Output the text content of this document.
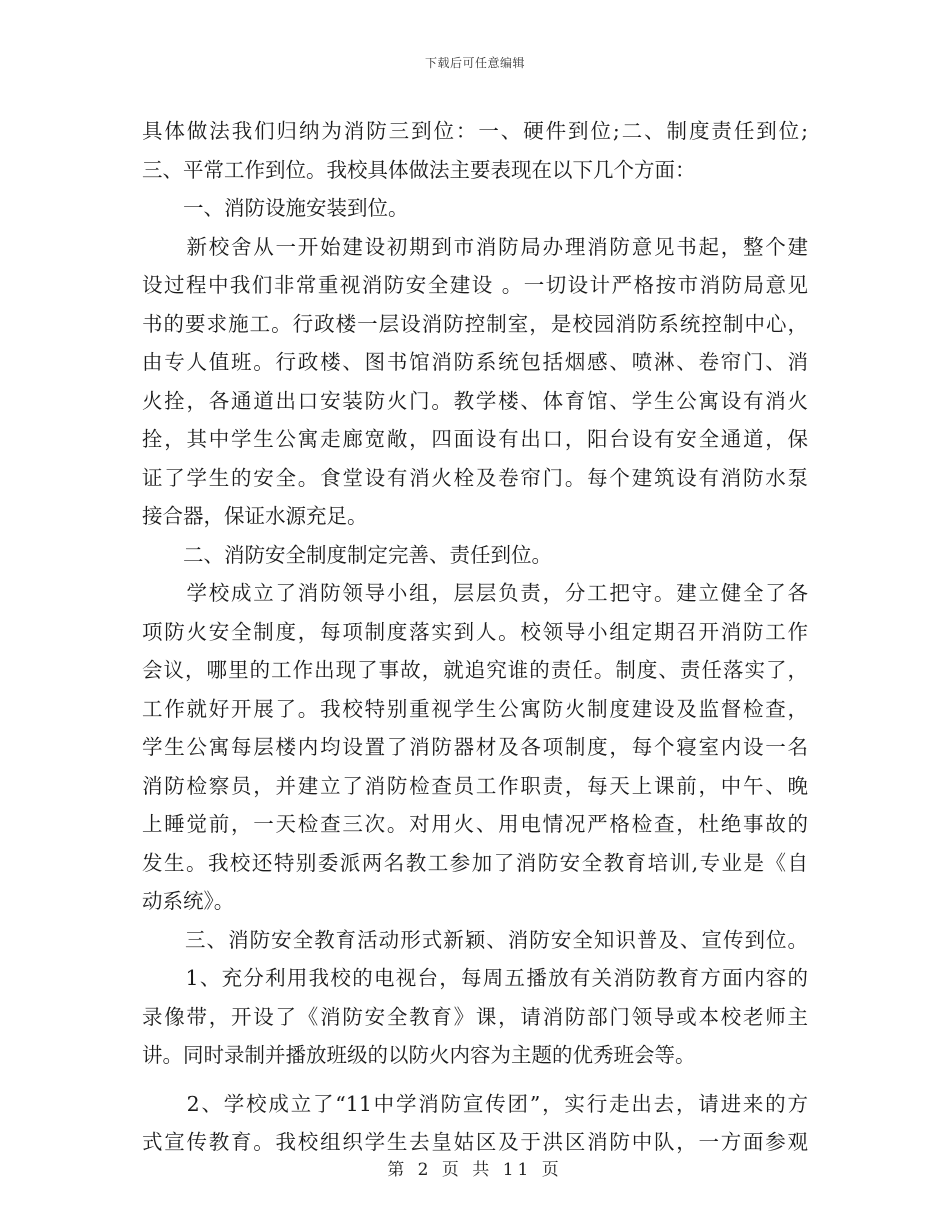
下载后可任意编辑
具体做法我们归纳为消防三到位：一、硬件到位;二、制度责任到位;
三、平常工作到位。我校具体做法主要表现在以下几个方面：
　　一、消防设施安装到位。
　　新校舍从一开始建设初期到市消防局办理消防意见书起，整个建
设过程中我们非常重视消防安全建设 。一切设计严格按市消防局意见
书的要求施工。行政楼一层设消防控制室，是校园消防系统控制中心，
由专人值班。行政楼、图书馆消防系统包括烟感、喷淋、卷帘门、消
火拴，各通道出口安装防火门。教学楼、体育馆、学生公寓设有消火
拴，其中学生公寓走廊宽敞，四面设有出口，阳台设有安全通道，保
证了学生的安全。食堂设有消火栓及卷帘门。每个建筑设有消防水泵
接合器，保证水源充足。
　　二、消防安全制度制定完善、责任到位。
　　学校成立了消防领导小组，层层负责，分工把守。建立健全了各
项防火安全制度，每项制度落实到人。校领导小组定期召开消防工作
会议，哪里的工作出现了事故，就追究谁的责任。制度、责任落实了，
工作就好开展了。我校特别重视学生公寓防火制度建设及监督检查，
学生公寓每层楼内均设置了消防器材及各项制度，每个寝室内设一名
消防检察员，并建立了消防检查员工作职责，每天上课前，中午、晚
上睡觉前，一天检查三次。对用火、用电情况严格检查，杜绝事故的
发生。我校还特别委派两名教工参加了消防安全教育培训,专业是《自
动系统》。
　　三、消防安全教育活动形式新颖、消防安全知识普及、宣传到位。
　　1、充分利用我校的电视台，每周五播放有关消防教育方面内容的
录像带，开设了《消防安全教育》课，请消防部门领导或本校老师主
讲。同时录制并播放班级的以防火内容为主题的优秀班会等。
　　2、学校成立了“11中学消防宣传团”，实行走出去，请进来的方
式宣传教育。我校组织学生去皇姑区及于洪区消防中队，一方面参观
第 2 页 共 11 页
